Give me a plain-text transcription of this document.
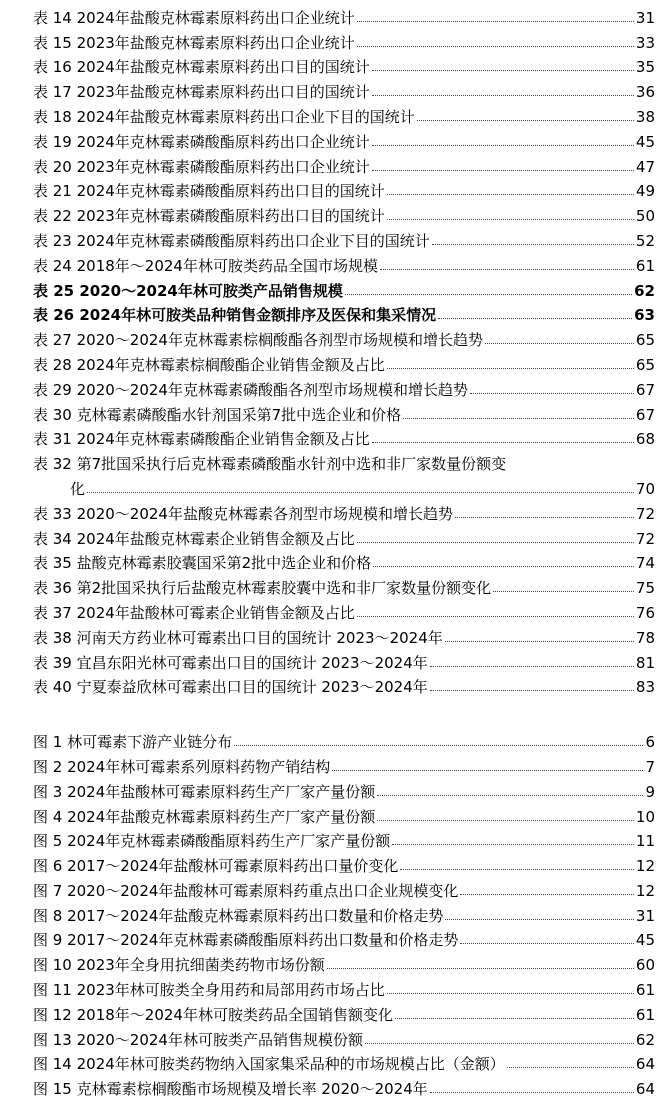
表 14 2024年盐酸克林霉素原料药出口企业统计	31
表 15 2023年盐酸克林霉素原料药出口企业统计	33
表 16 2024年盐酸克林霉素原料药出口目的国统计	35
表 17 2023年盐酸克林霉素原料药出口目的国统计	36
表 18 2024年盐酸克林霉素原料药出口企业下目的国统计	38
表 19 2024年克林霉素磷酸酯原料药出口企业统计	45
表 20 2023年克林霉素磷酸酯原料药出口企业统计	47
表 21 2024年克林霉素磷酸酯原料药出口目的国统计	49
表 22 2023年克林霉素磷酸酯原料药出口目的国统计	50
表 23 2024年克林霉素磷酸酯原料药出口企业下目的国统计	52
表 24 2018年～2024年林可胺类药品全国市场规模	61
表 25 2020～2024年林可胺类产品销售规模	62
表 26 2024年林可胺类品种销售金额排序及医保和集采情况	63
表 27 2020～2024年克林霉素棕榈酸酯各剂型市场规模和增长趋势	65
表 28 2024年克林霉素棕榈酸酯企业销售金额及占比	65
表 29 2020～2024年克林霉素磷酸酯各剂型市场规模和增长趋势	67
表 30 克林霉素磷酸酯水针剂国采第7批中选企业和价格	67
表 31 2024年克林霉素磷酸酯企业销售金额及占比	68
表 32 第7批国采执行后克林霉素磷酸酯水针剂中选和非厂家数量份额变
化	70
表 33 2020～2024年盐酸克林霉素各剂型市场规模和增长趋势	72
表 34 2024年盐酸克林霉素企业销售金额及占比	72
表 35 盐酸克林霉素胶囊国采第2批中选企业和价格	74
表 36 第2批国采执行后盐酸克林霉素胶囊中选和非厂家数量份额变化	75
表 37 2024年盐酸林可霉素企业销售金额及占比	76
表 38 河南天方药业林可霉素出口目的国统计 2023～2024年	78
表 39 宜昌东阳光林可霉素出口目的国统计 2023～2024年	81
表 40 宁夏泰益欣林可霉素出口目的国统计 2023～2024年	83
图 1 林可霉素下游产业链分布	6
图 2 2024年林可霉素系列原料药物产销结构	7
图 3 2024年盐酸林可霉素原料药生产厂家产量份额	9
图 4 2024年盐酸克林霉素原料药生产厂家产量份额	10
图 5 2024年克林霉素磷酸酯原料药生产厂家产量份额	11
图 6 2017～2024年盐酸林可霉素原料药出口量价变化	12
图 7 2020～2024年盐酸林可霉素原料药重点出口企业规模变化	12
图 8 2017～2024年盐酸克林霉素原料药出口数量和价格走势	31
图 9 2017～2024年克林霉素磷酸酯原料药出口数量和价格走势	45
图 10 2023年全身用抗细菌类药物市场份额	60
图 11 2023年林可胺类全身用药和局部用药市场占比	61
图 12 2018年～2024年林可胺类药品全国销售额变化	61
图 13 2020～2024年林可胺类产品销售规模份额	62
图 14 2024年林可胺类药物纳入国家集采品种的市场规模占比（金额）	64
图 15 克林霉素棕榈酸酯市场规模及增长率 2020～2024年	64
